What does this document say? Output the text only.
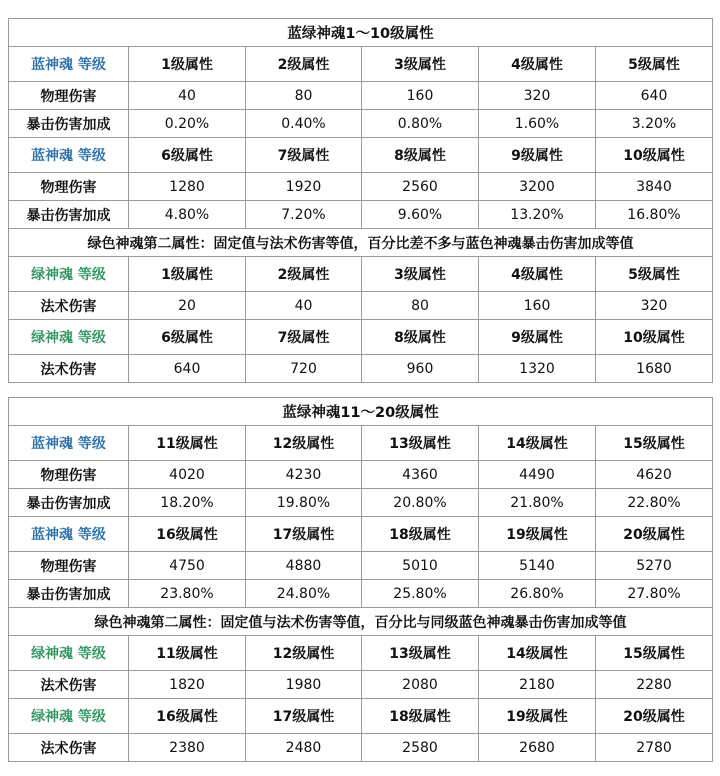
蓝绿神魂1～10级属性					
蓝神魂 等级	1级属性	2级属性	3级属性	4级属性	5级属性
物理伤害	40	80	160	320	640
暴击伤害加成	0.20%	0.40%	0.80%	1.60%	3.20%
蓝神魂 等级	6级属性	7级属性	8级属性	9级属性	10级属性
物理伤害	1280	1920	2560	3200	3840
暴击伤害加成	4.80%	7.20%	9.60%	13.20%	16.80%
绿色神魂第二属性：固定值与法术伤害等值，百分比差不多与蓝色神魂暴击伤害加成等值					
绿神魂 等级	1级属性	2级属性	3级属性	4级属性	5级属性
法术伤害	20	40	80	160	320
绿神魂 等级	6级属性	7级属性	8级属性	9级属性	10级属性
法术伤害	640	720	960	1320	1680
蓝绿神魂11～20级属性					
蓝神魂 等级	11级属性	12级属性	13级属性	14级属性	15级属性
物理伤害	4020	4230	4360	4490	4620
暴击伤害加成	18.20%	19.80%	20.80%	21.80%	22.80%
蓝神魂 等级	16级属性	17级属性	18级属性	19级属性	20级属性
物理伤害	4750	4880	5010	5140	5270
暴击伤害加成	23.80%	24.80%	25.80%	26.80%	27.80%
绿色神魂第二属性：固定值与法术伤害等值，百分比与同级蓝色神魂暴击伤害加成等值					
绿神魂 等级	11级属性	12级属性	13级属性	14级属性	15级属性
法术伤害	1820	1980	2080	2180	2280
绿神魂 等级	16级属性	17级属性	18级属性	19级属性	20级属性
法术伤害	2380	2480	2580	2680	2780
